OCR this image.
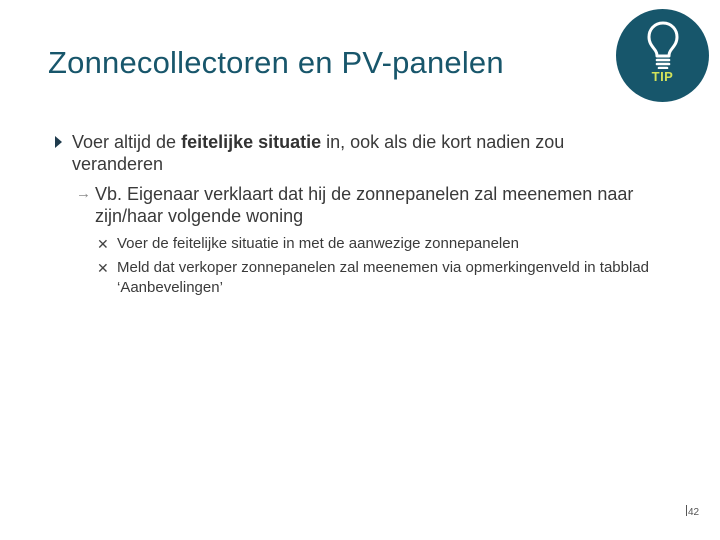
Zonnecollectoren en PV-panelen	TIP
Voer altijd de feitelijke situatie in, ook als die kort nadien zou veranderen
→ Vb. Eigenaar verklaart dat hij de zonnepanelen zal meenemen naar zijn/haar volgende woning
✕ Voer de feitelijke situatie in met de aanwezige zonnepanelen
✕ Meld dat verkoper zonnepanelen zal meenemen via opmerkingenveld in tabblad ‘Aanbevelingen’
42
